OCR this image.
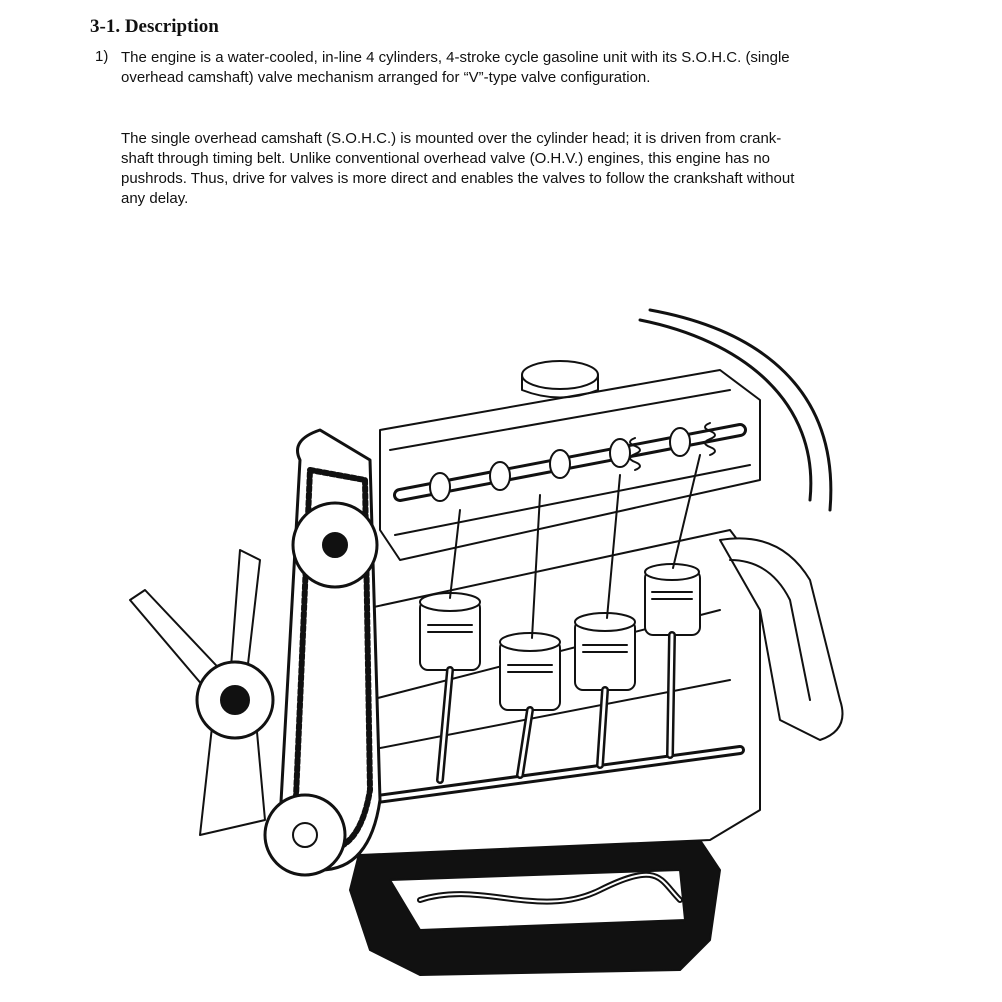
3-1. Description
1) The engine is a water-cooled, in-line 4 cylinders, 4-stroke cycle gasoline unit with its S.O.H.C. (single
overhead camshaft) valve mechanism arranged for “V”-type valve configuration.
The single overhead camshaft (S.O.H.C.) is mounted over the cylinder head; it is driven from crank-
shaft through timing belt. Unlike conventional overhead valve (O.H.V.) engines, this engine has no
pushrods. Thus, drive for valves is more direct and enables the valves to follow the crankshaft without
any delay.
